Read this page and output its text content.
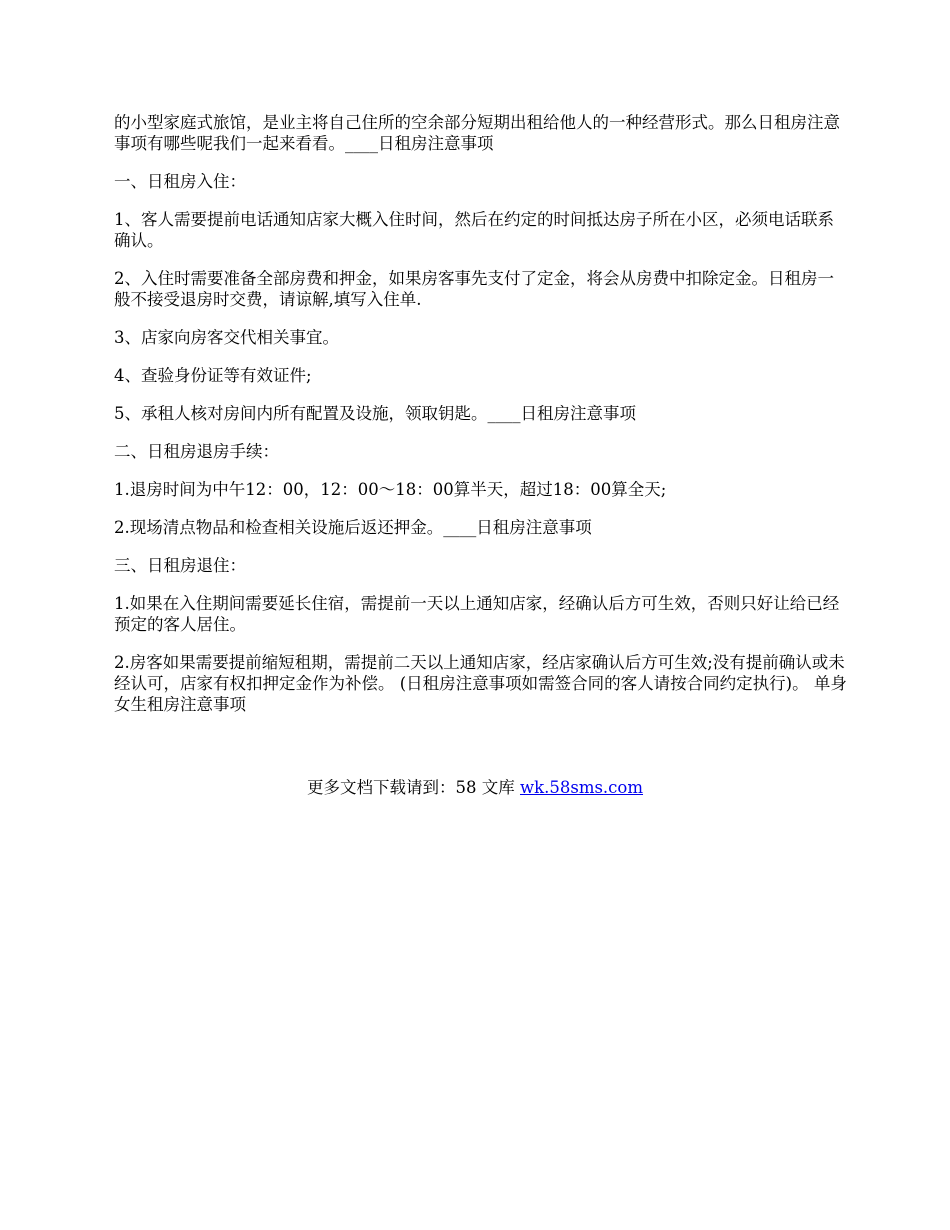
的小型家庭式旅馆，是业主将自己住所的空余部分短期出租给他人的一种经营形式。那么日租房注意事项有哪些呢我们一起来看看。____日租房注意事项

一、日租房入住：

1、客人需要提前电话通知店家大概入住时间，然后在约定的时间抵达房子所在小区，必须电话联系确认。

2、入住时需要准备全部房费和押金，如果房客事先支付了定金，将会从房费中扣除定金。日租房一般不接受退房时交费，请谅解,填写入住单.

3、店家向房客交代相关事宜。

4、查验身份证等有效证件;

5、承租人核对房间内所有配置及设施，领取钥匙。____日租房注意事项

二、日租房退房手续：

1.退房时间为中午12：00，12：00～18：00算半天，超过18：00算全天;

2.现场清点物品和检查相关设施后返还押金。____日租房注意事项

三、日租房退住：

1.如果在入住期间需要延长住宿，需提前一天以上通知店家，经确认后方可生效，否则只好让给已经预定的客人居住。

2.房客如果需要提前缩短租期，需提前二天以上通知店家，经店家确认后方可生效;没有提前确认或未经认可，店家有权扣押定金作为补偿。 (日租房注意事项如需签合同的客人请按合同约定执行)。 单身女生租房注意事项

更多文档下载请到：58 文库 wk.58sms.com
